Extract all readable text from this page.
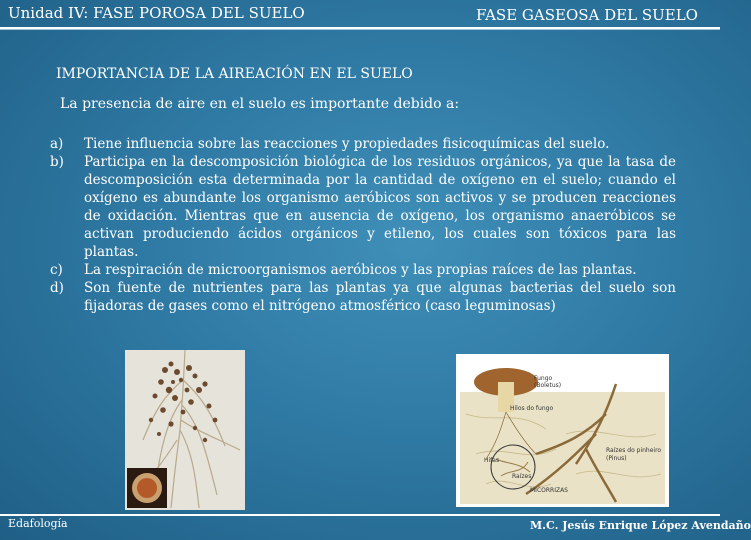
Unidad IV: FASE POROSA DEL SUELO	FASE GASEOSA DEL SUELO
IMPORTANCIA DE LA AIREACIÓN EN EL SUELO
La presencia de aire en el suelo es importante debido a:
a)	Tiene influencia sobre las reacciones y propiedades fisicoquímicas del suelo.
b)	Participa en la descomposición biológica de los residuos orgánicos, ya que la tasa de descomposición esta determinada por la cantidad de oxígeno en el suelo; cuando el oxígeno es abundante los organismo aeróbicos son activos y se producen reacciones de oxidación. Mientras que en ausencia de oxígeno, los organismo anaeróbicos se activan produciendo ácidos orgánicos y etileno, los cuales son tóxicos para las plantas.
c)	La respiración de microorganismos aeróbicos y las propias raíces de las plantas.
d)	Son fuente de nutrientes para las plantas ya que algunas bacterias del suelo son fijadoras de gases como el nitrógeno atmosférico (caso leguminosas)
Fungo
(Boletus)
Hilos do fungo
Raízes do pinheiro
(Pinus)
Hifas
Raízes
MICORRIZAS
Edafología	M.C. Jesús Enrique López Avendaño
